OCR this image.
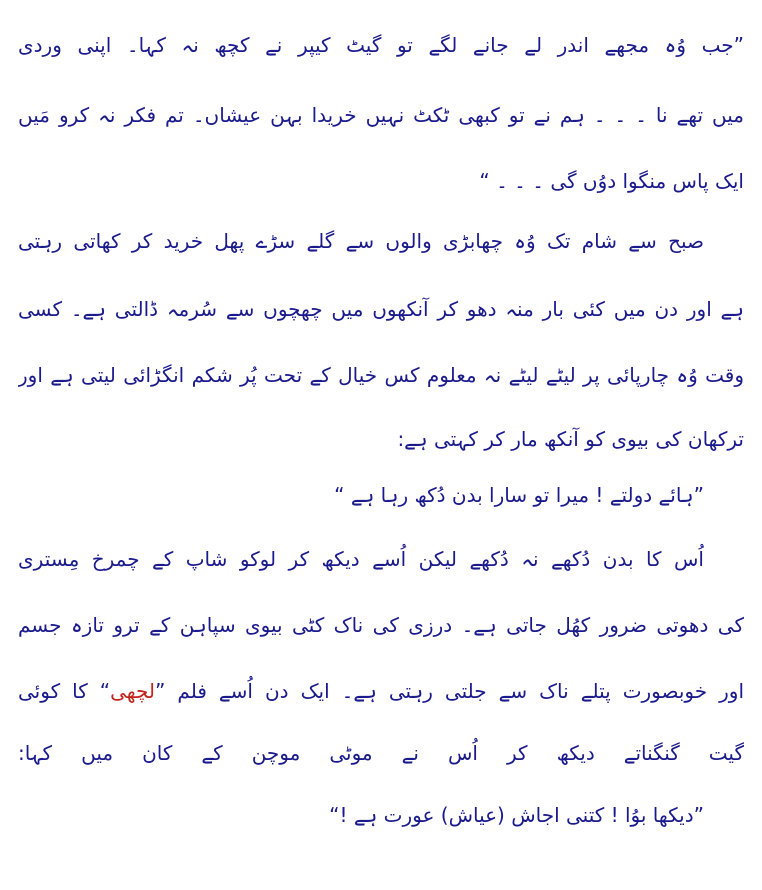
”جب وُہ مجھے اندر لے جانے لگے تو گیٹ کیپر نے کچھ نہ کہا۔ اپنی وردی
میں تھے نا ۔ ۔ ۔ ہم نے تو کبھی ٹکٹ نہیں خریدا بہن عیشاں۔ تم فکر نہ کرو مَیں
ایک پاس منگوا دوُں گی ۔ ۔ ۔ “
صبح سے شام تک وُہ چھابڑی والوں سے گلے سڑے پھل خرید کر کھاتی رہتی
ہے اور دن میں کئی بار منہ دھو کر آنکھوں میں چھچوں سے سُرمہ ڈالتی ہے۔ کسی
وقت وُہ چارپائی پر لیٹے لیٹے نہ معلوم کس خیال کے تحت پُر شکم انگڑائی لیتی ہے اور
ترکھان کی بیوی کو آنکھ مار کر کہتی ہے:
”ہائے دولتے ! میرا تو سارا بدن دُکھ رہا ہے “
اُس کا بدن دُکھے نہ دُکھے لیکن اُسے دیکھ کر لوکو شاپ کے چمرخ مِستری
کی دھوتی ضرور کھُل جاتی ہے۔ درزی کی ناک کٹی بیوی سپاہن کے ترو تازہ جسم
اور خوبصورت پتلے ناک سے جلتی رہتی ہے۔ ایک دن اُسے فلم ”لچھی“ کا کوئی
گیت گنگناتے دیکھ کر اُس نے موٹی موچن کے کان میں کہا:
”دیکھا بوُا ! کتنی اجاش (عیاش) عورت ہے !“
